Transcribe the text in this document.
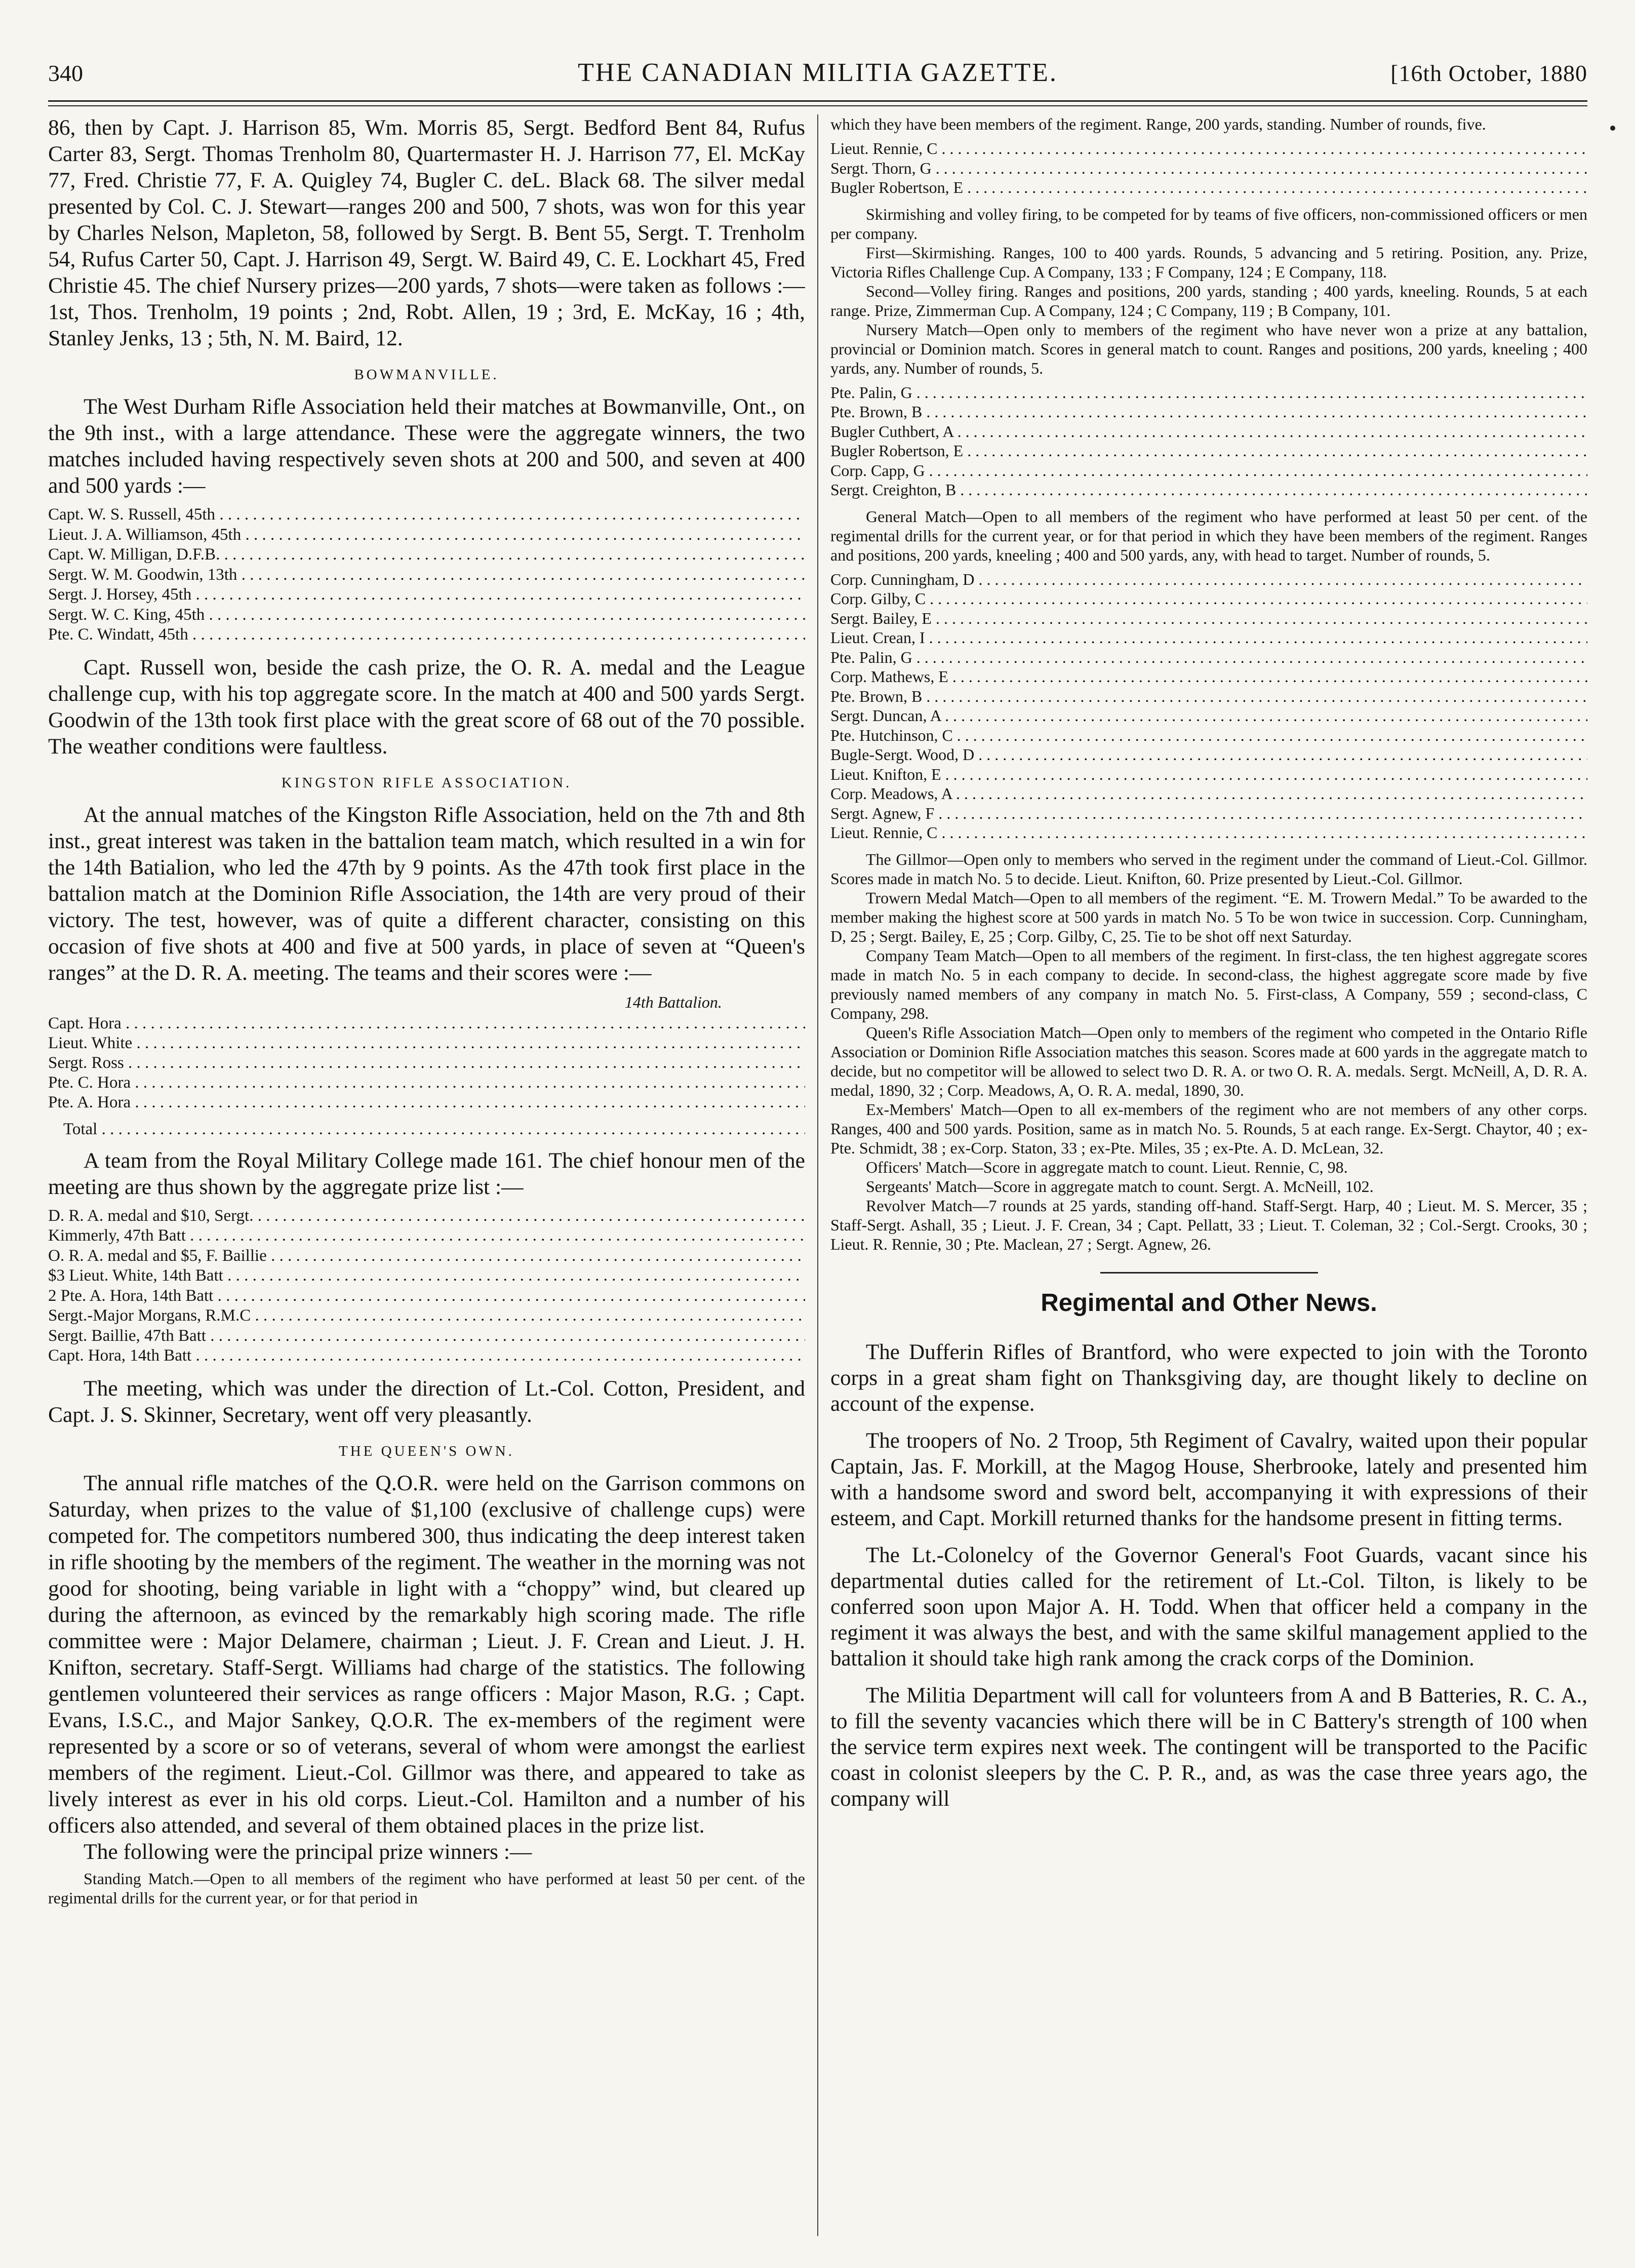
340	THE CANADIAN MILITIA GAZETTE.	[16th October, 1880

86, then by Capt. J. Harrison 85, Wm. Morris 85, Sergt. Bedford Bent 84, Rufus Carter 83, Sergt. Thomas Trenholm 80, Quartermaster H. J. Harrison 77, El. McKay 77, Fred. Christie 77, F. A. Quigley 74, Bugler C. deL. Black 68. The silver medal presented by Col. C. J. Stewart—ranges 200 and 500, 7 shots, was won for this year by Charles Nelson, Mapleton, 58, followed by Sergt. B. Bent 55, Sergt. T. Trenholm 54, Rufus Carter 50, Capt. J. Harrison 49, Sergt. W. Baird 49, C. E. Lockhart 45, Fred Christie 45. The chief Nursery prizes—200 yards, 7 shots—were taken as follows :—1st, Thos. Trenholm, 19 points ; 2nd, Robt. Allen, 19 ; 3rd, E. McKay, 16 ; 4th, Stanley Jenks, 13 ; 5th, N. M. Baird, 12.

BOWMANVILLE.

The West Durham Rifle Association held their matches at Bowmanville, Ont., on the 9th inst., with a large attendance. These were the aggregate winners, the two matches included having respectively seven shots at 200 and 500, and seven at 400 and 500 yards :—

Capt. W. S. Russell, 45th . . .
Lieut. J. A. Williamson, 45th . . .
Capt. W. Milligan, D.F.B. . . .
Sergt. W. M. Goodwin, 13th . . .
Sergt. J. Horsey, 45th . . .
Sergt. W. C. King, 45th . . .
Pte. C. Windatt, 45th . . .

Capt. Russell won, beside the cash prize, the O. R. A. medal and the League challenge cup, with his top aggregate score. In the match at 400 and 500 yards Sergt. Goodwin of the 13th took first place with the great score of 68 out of the 70 possible. The weather conditions were faultless.

KINGSTON RIFLE ASSOCIATION.

At the annual matches of the Kingston Rifle Association, held on the 7th and 8th inst., great interest was taken in the battalion team match, which resulted in a win for the 14th Batialion, who led the 47th by 9 points. As the 47th took first place in the battalion match at the Dominion Rifle Association, the 14th are very proud of their victory. The test, however, was of quite a different character, consisting on this occasion of five shots at 400 and five at 500 yards, in place of seven at “Queen's ranges” at the D. R. A. meeting. The teams and their scores were :—

14th Battalion.
Capt. Hora . . .
Lieut. White . . .
Sergt. Ross . . .
Pte. C. Hora . . .
Pte. A. Hora . . .
Total . . .

A team from the Royal Military College made 161. The chief honour men of the meeting are thus shown by the aggregate prize list :—

D. R. A. medal and $10, Sergt. . . .
Kimmerly, 47th Batt . . .
O. R. A. medal and $5, F. Baillie . . .
$3 Lieut. White, 14th Batt . . .
2 Pte. A. Hora, 14th Batt . . .
Sergt.-Major Morgans, R.M.C . . .
Sergt. Baillie, 47th Batt . . .
Capt. Hora, 14th Batt . . .

The meeting, which was under the direction of Lt.-Col. Cotton, President, and Capt. J. S. Skinner, Secretary, went off very pleasantly.

THE QUEEN'S OWN.

The annual rifle matches of the Q.O.R. were held on the Garrison commons on Saturday, when prizes to the value of $1,100 (exclusive of challenge cups) were competed for. The competitors numbered 300, thus indicating the deep interest taken in rifle shooting by the members of the regiment. The weather in the morning was not good for shooting, being variable in light with a “choppy” wind, but cleared up during the afternoon, as evinced by the remarkably high scoring made. The rifle committee were : Major Delamere, chairman ; Lieut. J. F. Crean and Lieut. J. H. Knifton, secretary. Staff-Sergt. Williams had charge of the statistics. The following gentlemen volunteered their services as range officers : Major Mason, R.G. ; Capt. Evans, I.S.C., and Major Sankey, Q.O.R. The ex-members of the regiment were represented by a score or so of veterans, several of whom were amongst the earliest members of the regiment. Lieut.-Col. Gillmor was there, and appeared to take as lively interest as ever in his old corps. Lieut.-Col. Hamilton and a number of his officers also attended, and several of them obtained places in the prize list.

The following were the principal prize winners :—

Standing Match.—Open to all members of the regiment who have performed at least 50 per cent. of the regimental drills for the current year, or for that period in

which they have been members of the regiment. Range, 200 yards, standing. Number of rounds, five.

Lieut. Rennie, C . . .
Sergt. Thorn, G . . .
Bugler Robertson, E . . .

Skirmishing and volley firing, to be competed for by teams of five officers, non-commissioned officers or men per company.

First—Skirmishing. Ranges, 100 to 400 yards. Rounds, 5 advancing and 5 retiring. Position, any. Prize, Victoria Rifles Challenge Cup. A Company, 133 ; F Company, 124 ; E Company, 118.

Second—Volley firing. Ranges and positions, 200 yards, standing ; 400 yards, kneeling. Rounds, 5 at each range. Prize, Zimmerman Cup. A Company, 124 ; C Company, 119 ; B Company, 101.

Nursery Match—Open only to members of the regiment who have never won a prize at any battalion, provincial or Dominion match. Scores in general match to count. Ranges and positions, 200 yards, kneeling ; 400 yards, any. Number of rounds, 5.

Pte. Palin, G . . .
Pte. Brown, B . . .
Bugler Cuthbert, A . . .
Bugler Robertson, E . . .
Corp. Capp, G . . .
Sergt. Creighton, B . . .

General Match—Open to all members of the regiment who have performed at least 50 per cent. of the regimental drills for the current year, or for that period in which they have been members of the regiment. Ranges and positions, 200 yards, kneeling ; 400 and 500 yards, any, with head to target. Number of rounds, 5.

Corp. Cunningham, D . . .
Corp. Gilby, C . . .
Sergt. Bailey, E . . .
Lieut. Crean, I . . .
Pte. Palin, G . . .
Corp. Mathews, E . . .
Pte. Brown, B . . .
Sergt. Duncan, A . . .
Pte. Hutchinson, C . . .
Bugle-Sergt. Wood, D . . .
Lieut. Knifton, E . . .
Corp. Meadows, A . . .
Sergt. Agnew, F . . .
Lieut. Rennie, C . . .

The Gillmor—Open only to members who served in the regiment under the command of Lieut.-Col. Gillmor. Scores made in match No. 5 to decide. Lieut. Knifton, 60. Prize presented by Lieut.-Col. Gillmor.

Trowern Medal Match—Open to all members of the regiment. “E. M. Trowern Medal.” To be awarded to the member making the highest score at 500 yards in match No. 5 To be won twice in succession. Corp. Cunningham, D, 25 ; Sergt. Bailey, E, 25 ; Corp. Gilby, C, 25. Tie to be shot off next Saturday.

Company Team Match—Open to all members of the regiment. In first-class, the ten highest aggregate scores made in match No. 5 in each company to decide. In second-class, the highest aggregate score made by five previously named members of any company in match No. 5. First-class, A Company, 559 ; second-class, C Company, 298.

Queen's Rifle Association Match—Open only to members of the regiment who competed in the Ontario Rifle Association or Dominion Rifle Association matches this season. Scores made at 600 yards in the aggregate match to decide, but no competitor will be allowed to select two D. R. A. or two O. R. A. medals. Sergt. McNeill, A, D. R. A. medal, 1890, 32 ; Corp. Meadows, A, O. R. A. medal, 1890, 30.

Ex-Members' Match—Open to all ex-members of the regiment who are not members of any other corps. Ranges, 400 and 500 yards. Position, same as in match No. 5. Rounds, 5 at each range. Ex-Sergt. Chaytor, 40 ; ex-Pte. Schmidt, 38 ; ex-Corp. Staton, 33 ; ex-Pte. Miles, 35 ; ex-Pte. A. D. McLean, 32.

Officers' Match—Score in aggregate match to count. Lieut. Rennie, C, 98.

Sergeants' Match—Score in aggregate match to count. Sergt. A. McNeill, 102.

Revolver Match—7 rounds at 25 yards, standing off-hand. Staff-Sergt. Harp, 40 ; Lieut. M. S. Mercer, 35 ; Staff-Sergt. Ashall, 35 ; Lieut. J. F. Crean, 34 ; Capt. Pellatt, 33 ; Lieut. T. Coleman, 32 ; Col.-Sergt. Crooks, 30 ; Lieut. R. Rennie, 30 ; Pte. Maclean, 27 ; Sergt. Agnew, 26.

Regimental and Other News.

The Dufferin Rifles of Brantford, who were expected to join with the Toronto corps in a great sham fight on Thanksgiving day, are thought likely to decline on account of the expense.

The troopers of No. 2 Troop, 5th Regiment of Cavalry, waited upon their popular Captain, Jas. F. Morkill, at the Magog House, Sherbrooke, lately and presented him with a handsome sword and sword belt, accompanying it with expressions of their esteem, and Capt. Morkill returned thanks for the handsome present in fitting terms.

The Lt.-Colonelcy of the Governor General's Foot Guards, vacant since his departmental duties called for the retirement of Lt.-Col. Tilton, is likely to be conferred soon upon Major A. H. Todd. When that officer held a company in the regiment it was always the best, and with the same skilful management applied to the battalion it should take high rank among the crack corps of the Dominion.

The Militia Department will call for volunteers from A and B Batteries, R. C. A., to fill the seventy vacancies which there will be in C Battery's strength of 100 when the service term expires next week. The contingent will be transported to the Pacific coast in colonist sleepers by the C. P. R., and, as was the case three years ago, the company will
